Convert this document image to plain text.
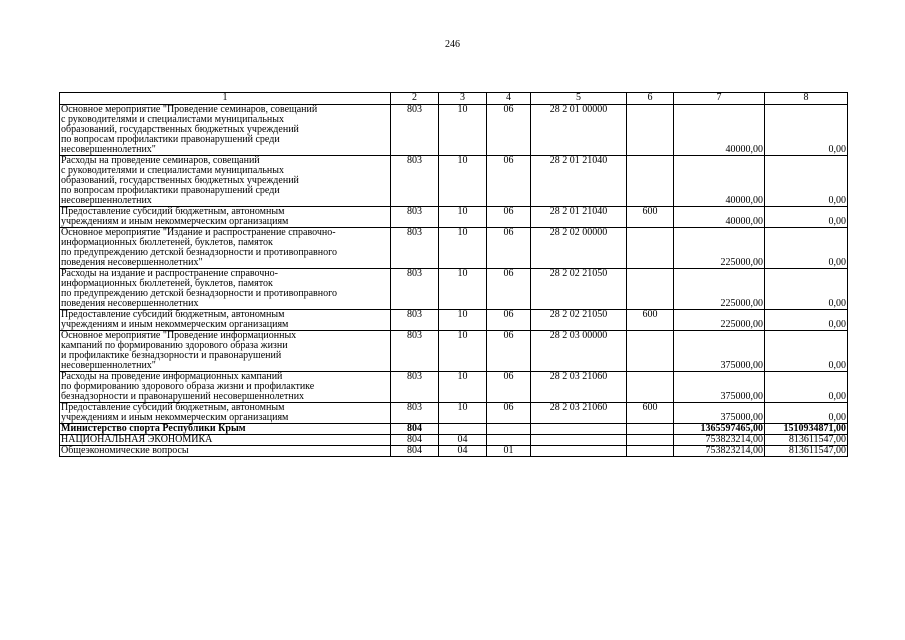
246
1	2	3	4	5	6	7	8
Основное мероприятие "Проведение семинаров, совещаний
с руководителями и специалистами муниципальных
образований, государственных бюджетных учреждений
по вопросам профилактики правонарушений среди
несовершеннолетних"	803	10	06	28 2 01 00000		40000,00	0,00
Расходы на проведение семинаров, совещаний
с руководителями и специалистами муниципальных
образований, государственных бюджетных учреждений
по вопросам профилактики правонарушений среди
несовершеннолетних	803	10	06	28 2 01 21040		40000,00	0,00
Предоставление субсидий бюджетным, автономным
учреждениям и иным некоммерческим организациям	803	10	06	28 2 01 21040	600	40000,00	0,00
Основное мероприятие "Издание и распространение справочно-
информационных бюллетеней, буклетов, памяток
по предупреждению детской безнадзорности и противоправного
поведения несовершеннолетних"	803	10	06	28 2 02 00000		225000,00	0,00
Расходы на издание и распространение справочно-
информационных бюллетеней, буклетов, памяток
по предупреждению детской безнадзорности и противоправного
поведения несовершеннолетних	803	10	06	28 2 02 21050		225000,00	0,00
Предоставление субсидий бюджетным, автономным
учреждениям и иным некоммерческим организациям	803	10	06	28 2 02 21050	600	225000,00	0,00
Основное мероприятие "Проведение информационных
кампаний по формированию здорового образа жизни
и профилактике безнадзорности и правонарушений
несовершеннолетних"	803	10	06	28 2 03 00000		375000,00	0,00
Расходы на проведение информационных кампаний
по формированию здорового образа жизни и профилактике
безнадзорности и правонарушений несовершеннолетних	803	10	06	28 2 03 21060		375000,00	0,00
Предоставление субсидий бюджетным, автономным
учреждениям и иным некоммерческим организациям	803	10	06	28 2 03 21060	600	375000,00	0,00
Министерство спорта Республики Крым	804					1365597465,00	1510934871,00
НАЦИОНАЛЬНАЯ ЭКОНОМИКА	804	04				753823214,00	813611547,00
Общеэкономические вопросы	804	04	01			753823214,00	813611547,00
